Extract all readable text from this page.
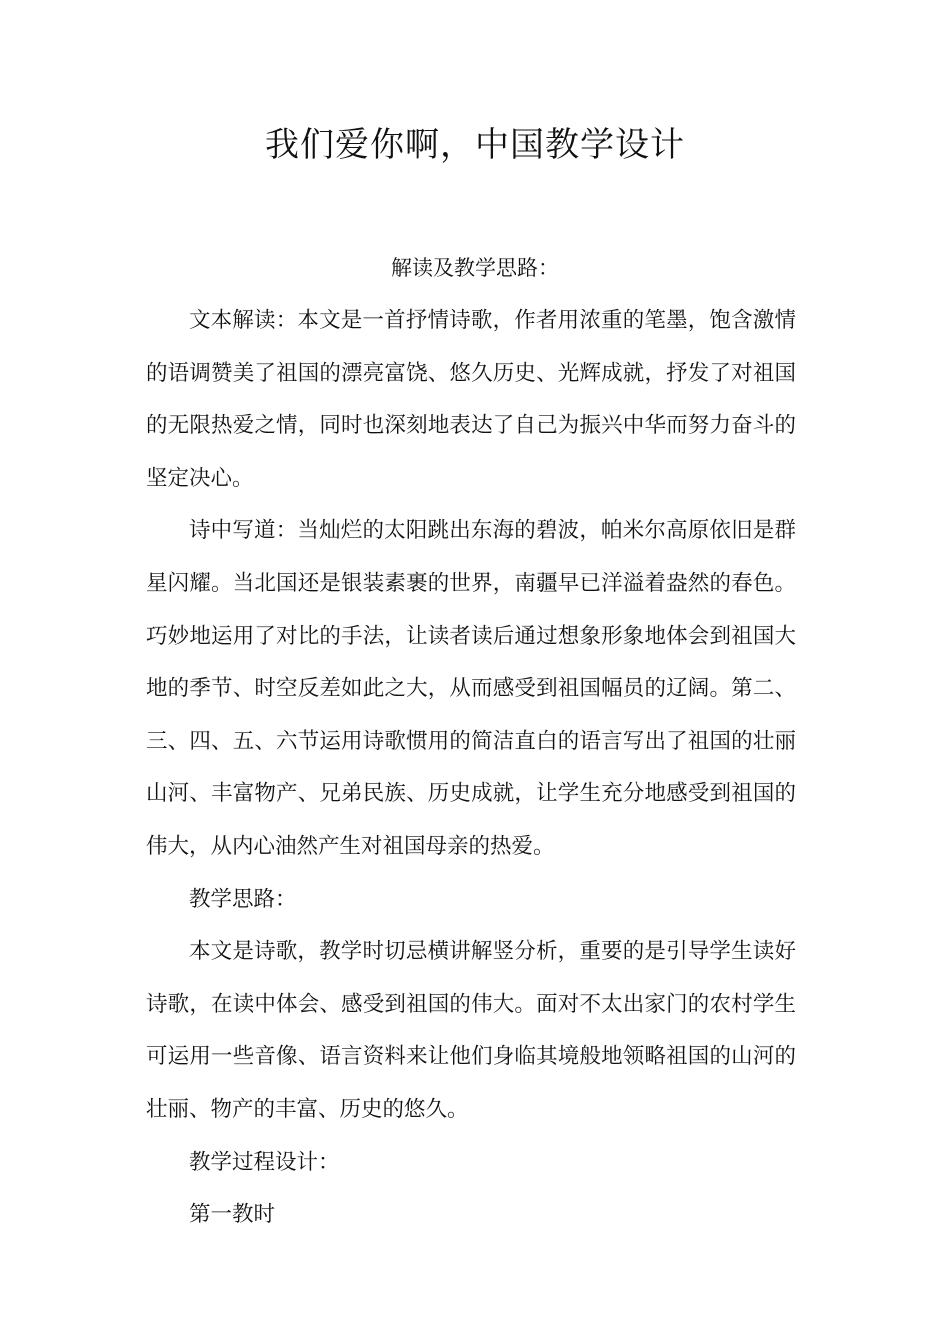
我们爱你啊，中国教学设计
解读及教学思路：

文本解读：本文是一首抒情诗歌，作者用浓重的笔墨，饱含激情的语调赞美了祖国的漂亮富饶、悠久历史、光辉成就，抒发了对祖国的无限热爱之情，同时也深刻地表达了自己为振兴中华而努力奋斗的坚定决心。

诗中写道：当灿烂的太阳跳出东海的碧波，帕米尔高原依旧是群星闪耀。当北国还是银装素裹的世界，南疆早已洋溢着盎然的春色。巧妙地运用了对比的手法，让读者读后通过想象形象地体会到祖国大地的季节、时空反差如此之大，从而感受到祖国幅员的辽阔。第二、三、四、五、六节运用诗歌惯用的简洁直白的语言写出了祖国的壮丽山河、丰富物产、兄弟民族、历史成就，让学生充分地感受到祖国的伟大，从内心油然产生对祖国母亲的热爱。

教学思路：

本文是诗歌，教学时切忌横讲解竖分析，重要的是引导学生读好诗歌，在读中体会、感受到祖国的伟大。面对不太出家门的农村学生可运用一些音像、语言资料来让他们身临其境般地领略祖国的山河的壮丽、物产的丰富、历史的悠久。

教学过程设计：

第一教时
